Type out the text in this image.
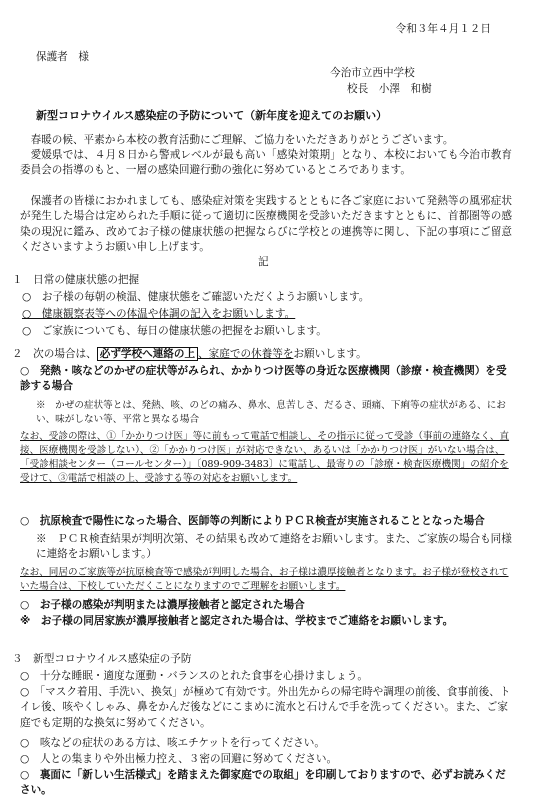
令和３年４月１２日
保護者　様
今治市立西中学校
校長　小澤　和樹
新型コロナウイルス感染症の予防について（新年度を迎えてのお願い）
春暖の候、平素から本校の教育活動にご理解、ご協力をいただきありがとうございます。
愛媛県では、４月８日から警戒レベルが最も高い「感染対策期」となり、本校においても今治市教育委員会の指導のもと、一層の感染回避行動の強化に努めているところであります。
保護者の皆様におかれましても、感染症対策を実践するとともに各ご家庭において発熱等の風邪症状が発生した場合は定められた手順に従って適切に医療機関を受診いただきますとともに、首都圏等の感染の現況に鑑み、改めてお子様の健康状態の把握ならびに学校との連携等に関し、下記の事項にご留意くださいますようお願い申し上げます。
記
１　日常の健康状態の把握
○　お子様の毎朝の検温、健康状態をご確認いただくようお願いします。
○　健康観察表等への体温や体調の記入をお願いします。
○　ご家族についても、毎日の健康状態の把握をお願いします。
２　次の場合は、 必ず学校へ連絡の上 、家庭での休養等をお願いします。
○　発熱・咳などのかぜの症状等がみられ、かかりつけ医等の身近な医療機関（診療・検査機関）を受診する場合
※　かぜの症状等とは、発熱、咳、のどの痛み、鼻水、息苦しさ、だるさ、頭痛、下痢等の症状がある、におい、味がしない等、平常と異なる場合
なお、受診の際は、①「かかりつけ医」等に前もって電話で相談し、その指示に従って受診（事前の連絡なく、直接、医療機関を受診しない）、②「かかりつけ医」が対応できない、あるいは「かかりつけ医」がいない場合は、「受診相談センター（コールセンター）」〔089-909-3483〕に電話し、最寄りの「診療・検査医療機関」の紹介を受けて、③電話で相談の上、受診する等の対応をお願いします。
○　抗原検査で陽性になった場合、医師等の判断によりＰＣＲ検査が実施されることとなった場合
※　ＰＣＲ検査結果が判明次第、その結果も改めて連絡をお願いします。また、ご家族の場合も同様に連絡をお願いします。）
なお、同居のご家族等が抗原検査等で感染が判明した場合、お子様は濃厚接触者となります。お子様が登校されていた場合は、下校していただくことになりますのでご理解をお願いします。
○　お子様の感染が判明または濃厚接触者と認定された場合
※　お子様の同居家族が濃厚接触者と認定された場合は、学校までご連絡をお願いします。
３　新型コロナウイルス感染症の予防
○　十分な睡眠・適度な運動・バランスのとれた食事を心掛けましょう。
○　「マスク着用、手洗い、換気」が極めて有効です。外出先からの帰宅時や調理の前後、食事前後、トイレ後、咳やくしゃみ、鼻をかんだ後などにこまめに流水と石けんで手を洗ってください。また、ご家庭でも定期的な換気に努めてください。
○　咳などの症状のある方は、咳エチケットを行ってください。
○　人との集まりや外出極力控え、３密の回避に努めてください。
○　裏面に「新しい生活様式」を踏まえた御家庭での取組」を印刷しておりますので、必ずお読みください。
